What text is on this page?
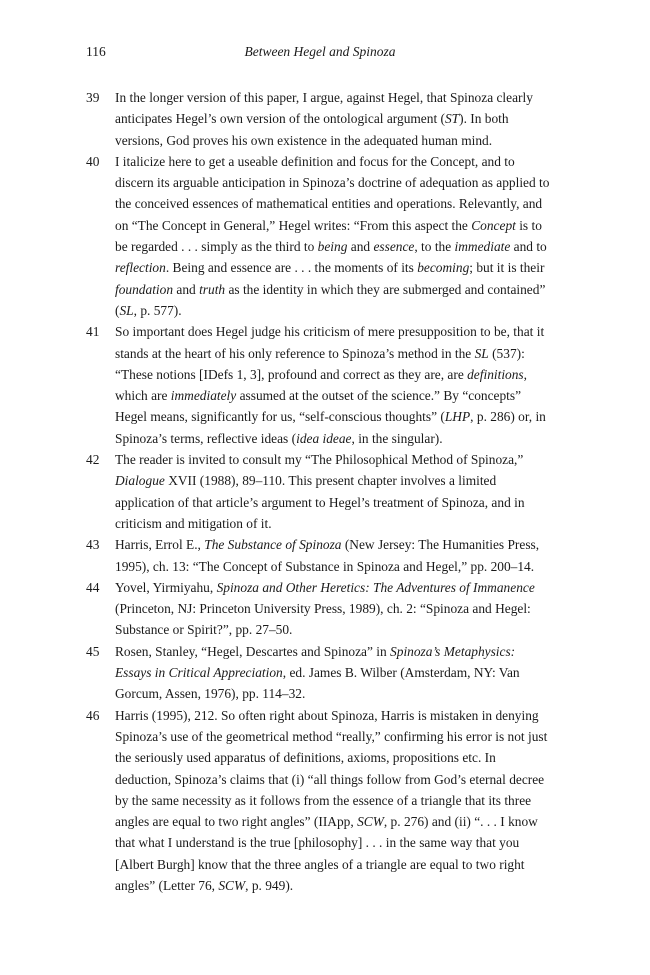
116	Between Hegel and Spinoza
39	In the longer version of this paper, I argue, against Hegel, that Spinoza clearly anticipates Hegel’s own version of the ontological argument (ST). In both versions, God proves his own existence in the adequated human mind.
40	I italicize here to get a useable definition and focus for the Concept, and to discern its arguable anticipation in Spinoza’s doctrine of adequation as applied to the conceived essences of mathematical entities and operations. Relevantly, and on “The Concept in General,” Hegel writes: “From this aspect the Concept is to be regarded . . . simply as the third to being and essence, to the immediate and to reflection. Being and essence are . . . the moments of its becoming; but it is their foundation and truth as the identity in which they are submerged and contained” (SL, p. 577).
41	So important does Hegel judge his criticism of mere presupposition to be, that it stands at the heart of his only reference to Spinoza’s method in the SL (537): “These notions [IDefs 1, 3], profound and correct as they are, are definitions, which are immediately assumed at the outset of the science.” By “concepts” Hegel means, significantly for us, “self-conscious thoughts” (LHP, p. 286) or, in Spinoza’s terms, reflective ideas (idea ideae, in the singular).
42	The reader is invited to consult my “The Philosophical Method of Spinoza,” Dialogue XVII (1988), 89–110. This present chapter involves a limited application of that article’s argument to Hegel’s treatment of Spinoza, and in criticism and mitigation of it.
43	Harris, Errol E., The Substance of Spinoza (New Jersey: The Humanities Press, 1995), ch. 13: “The Concept of Substance in Spinoza and Hegel,” pp. 200–14.
44	Yovel, Yirmiyahu, Spinoza and Other Heretics: The Adventures of Immanence (Princeton, NJ: Princeton University Press, 1989), ch. 2: “Spinoza and Hegel: Substance or Spirit?”, pp. 27–50.
45	Rosen, Stanley, “Hegel, Descartes and Spinoza” in Spinoza’s Metaphysics: Essays in Critical Appreciation, ed. James B. Wilber (Amsterdam, NY: Van Gorcum, Assen, 1976), pp. 114–32.
46	Harris (1995), 212. So often right about Spinoza, Harris is mistaken in denying Spinoza’s use of the geometrical method “really,” confirming his error is not just the seriously used apparatus of definitions, axioms, propositions etc. In deduction, Spinoza’s claims that (i) “all things follow from God’s eternal decree by the same necessity as it follows from the essence of a triangle that its three angles are equal to two right angles” (IIApp, SCW, p. 276) and (ii) “. . . I know that what I understand is the true [philosophy] . . . in the same way that you [Albert Burgh] know that the three angles of a triangle are equal to two right angles” (Letter 76, SCW, p. 949).
